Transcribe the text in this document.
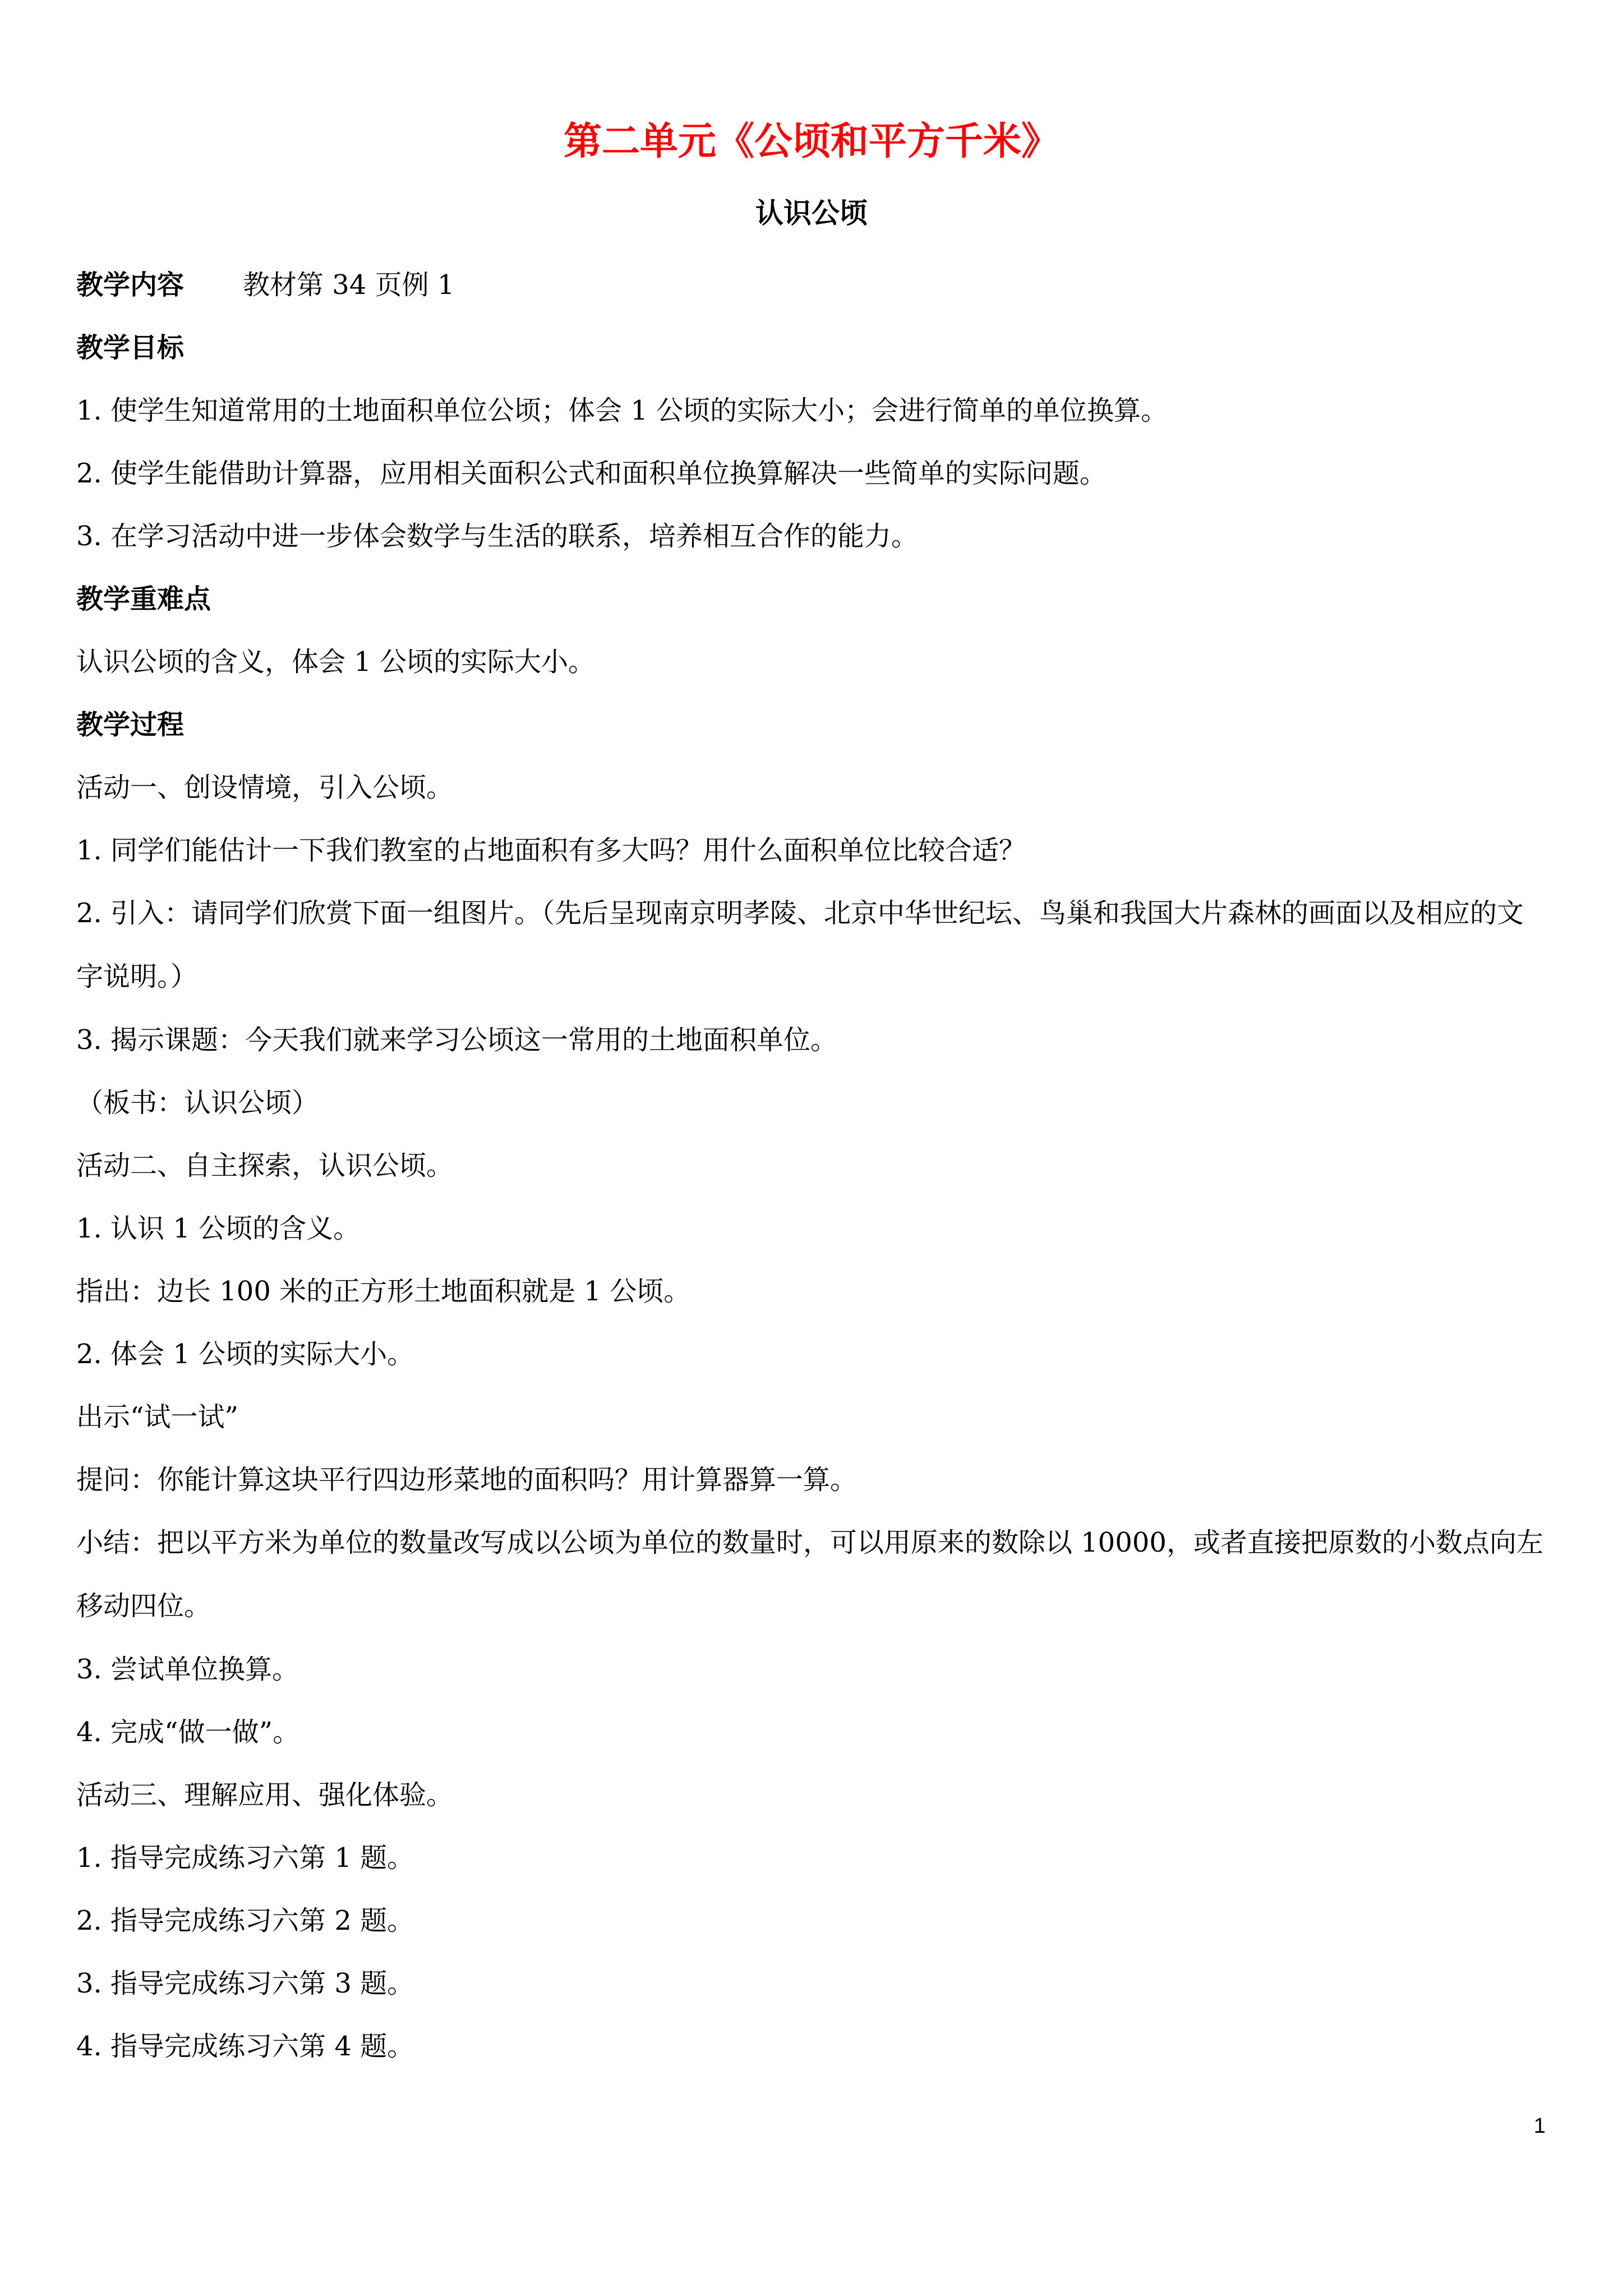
第二单元《公顷和平方千米》
认识公顷
教学内容 教材第 34 页例 1
教学目标
1. 使学生知道常用的土地面积单位公顷；体会 1 公顷的实际大小；会进行简单的单位换算。
2. 使学生能借助计算器，应用相关面积公式和面积单位换算解决一些简单的实际问题。
3. 在学习活动中进一步体会数学与生活的联系，培养相互合作的能力。
教学重难点
认识公顷的含义，体会 1 公顷的实际大小。
教学过程
活动一、创设情境，引入公顷。
1. 同学们能估计一下我们教室的占地面积有多大吗？用什么面积单位比较合适？
2. 引入：请同学们欣赏下面一组图片。（先后呈现南京明孝陵、北京中华世纪坛、鸟巢和我国大片森林的画面以及相应的文字说明。）
3. 揭示课题：今天我们就来学习公顷这一常用的土地面积单位。
（板书：认识公顷）
活动二、自主探索，认识公顷。
1. 认识 1 公顷的含义。
指出：边长 100 米的正方形土地面积就是 1 公顷。
2. 体会 1 公顷的实际大小。
出示“试一试”
提问：你能计算这块平行四边形菜地的面积吗？用计算器算一算。
小结：把以平方米为单位的数量改写成以公顷为单位的数量时，可以用原来的数除以 10000，或者直接把原数的小数点向左移动四位。
3. 尝试单位换算。
4. 完成“做一做”。
活动三、理解应用、强化体验。
1. 指导完成练习六第 1 题。
2. 指导完成练习六第 2 题。
3. 指导完成练习六第 3 题。
4. 指导完成练习六第 4 题。
1
